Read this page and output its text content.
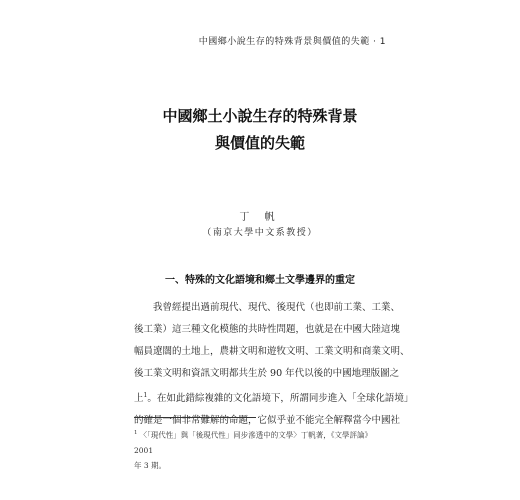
中國鄉小說生存的特殊背景與價值的失範 ‧ 1
中國鄉土小說生存的特殊背景
與價值的失範
丁 帆
（南京大學中文系教授）
一、特殊的文化語境和鄉土文學邊界的重定
我曾經提出過前現代、現代、後現代（也即前工業、工業、
後工業）這三種文化模態的共時性問題，也就是在中國大陸這塊
幅員遼闊的土地上，農耕文明和遊牧文明、工業文明和商業文明、
後工業文明和資訊文明都共生於 90 年代以後的中國地理版圖之
上$^1$。在如此錯綜複雜的文化語境下，所謂同步進入「全球化語境」
的確是一個非常難解的命題，它似乎並不能完全解釋當今中國社
$^1$ 〈「現代性」與「後現代性」同步滲透中的文學〉丁帆著，《文學評論》2001
年 3 期。
